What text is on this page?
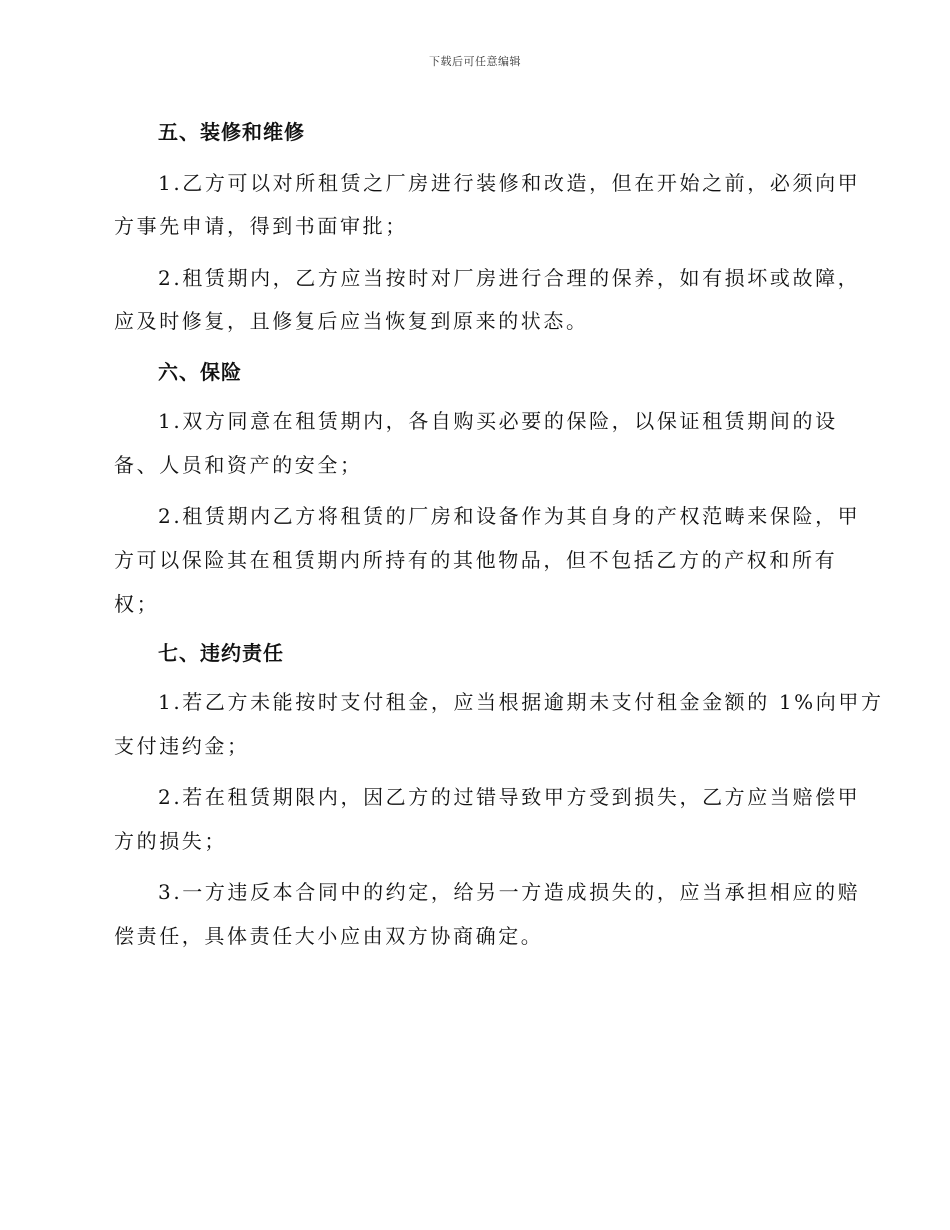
下载后可任意编辑
五、装修和维修
1.乙方可以对所租赁之厂房进行装修和改造，但在开始之前，必须向甲
方事先申请，得到书面审批；
2.租赁期内，乙方应当按时对厂房进行合理的保养，如有损坏或故障，
应及时修复，且修复后应当恢复到原来的状态。
六、保险
1.双方同意在租赁期内，各自购买必要的保险，以保证租赁期间的设
备、人员和资产的安全；
2.租赁期内乙方将租赁的厂房和设备作为其自身的产权范畴来保险，甲
方可以保险其在租赁期内所持有的其他物品，但不包括乙方的产权和所有
权；
七、违约责任
1.若乙方未能按时支付租金，应当根据逾期未支付租金金额的 1%向甲方
支付违约金；
2.若在租赁期限内，因乙方的过错导致甲方受到损失，乙方应当赔偿甲
方的损失；
3.一方违反本合同中的约定，给另一方造成损失的，应当承担相应的赔
偿责任，具体责任大小应由双方协商确定。
